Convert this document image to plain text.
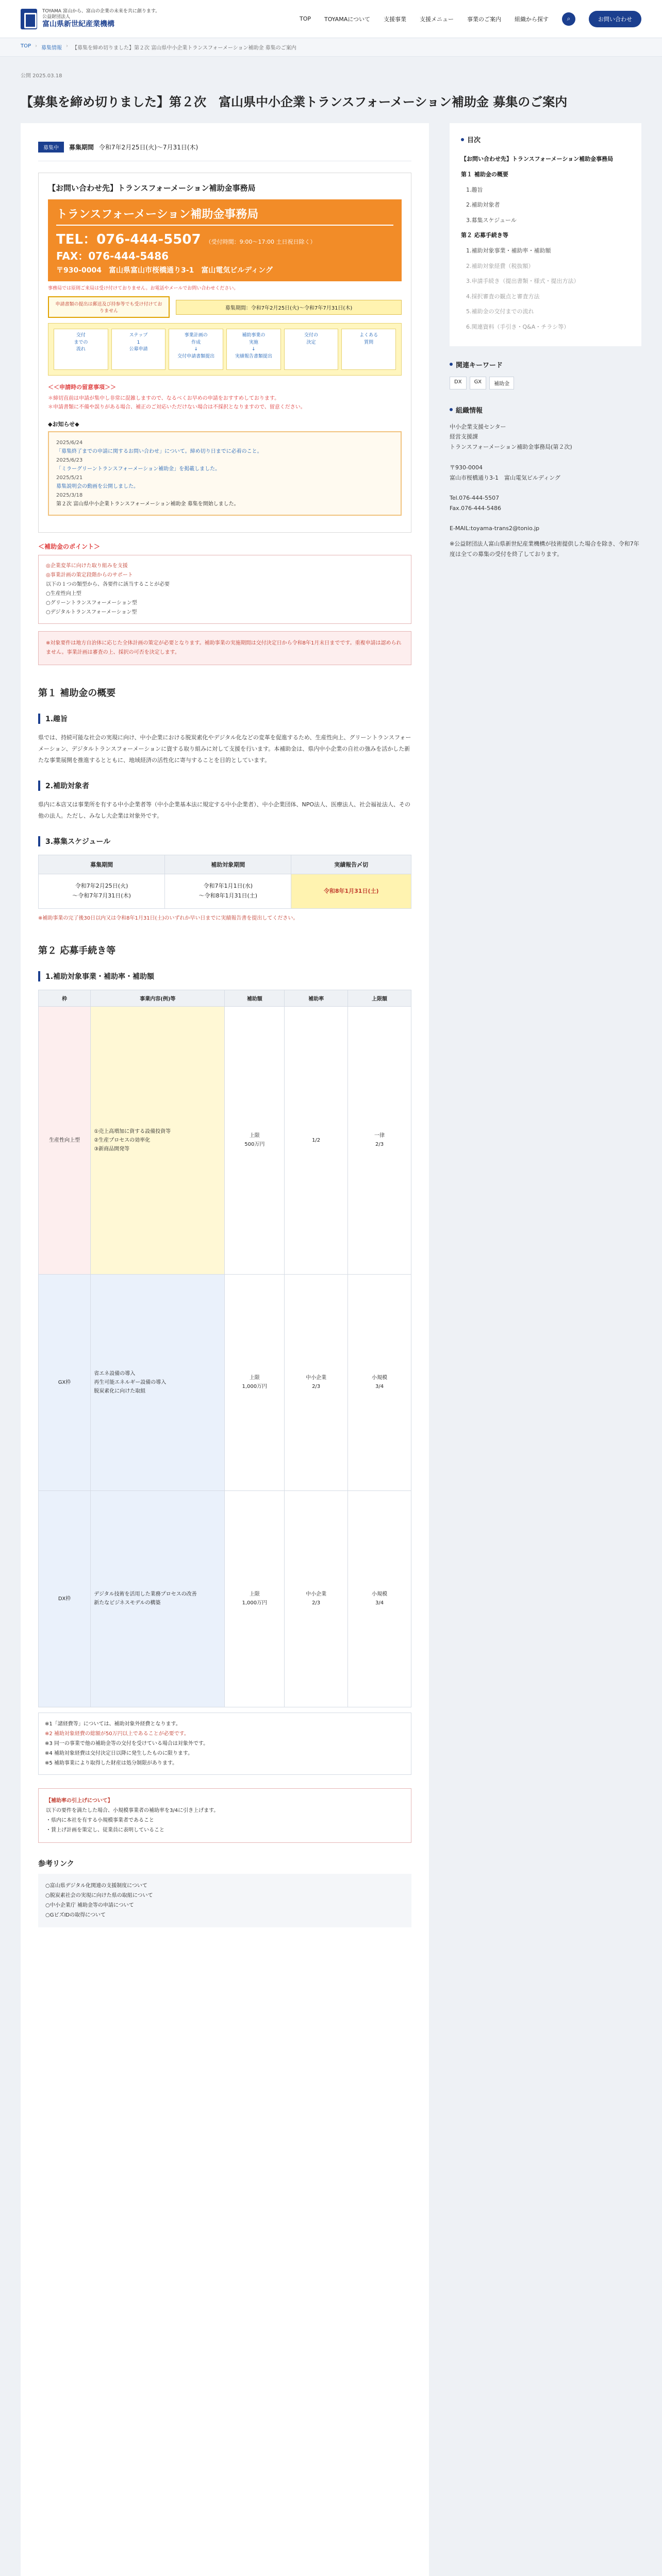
TOYAMA 富山から、富山の企業の未来を共に創ります。
公益財団法人
富山県新世紀産業機構
TOP TOYAMAについて 支援事業 支援メニュー 事業のご案内 組織から探す	⌕	お問い合わせ
TOP › 募集情報 › 【募集を締め切りました】第２次 富山県中小企業トランスフォーメーション補助金 募集のご案内
公開 2025.03.18
【募集を締め切りました】第２次　富山県中小企業トランスフォーメーション補助金 募集のご案内
募集中	募集期間 令和7年2月25日(火)～7月31日(木)
【お問い合わせ先】トランスフォーメーション補助金事務局
トランスフォーメーション補助金事務局
TEL：076-444-5507 （受付時間：9:00～17:00 土日祝日除く）
FAX：076-444-5486
〒930-0004　富山県富山市桜橋通り3-1　富山電気ビルディング
事務局では原則ご来局は受け付けておりません。お電話やメールでお問い合わせください。
申請書類の提出は郵送及び持参等でも受け付けておりません
募集期間：令和7年2月25日(火)～令和7年7月31日(木)
交付
までの
流れ
ステップ
1
公募申請
事業計画の
作成
↓
交付申請書類提出
補助事業の
実施
↓
実績報告書類提出
交付の
決定
よくある
質問
＜＜申請時の留意事項＞＞
＊締切直前は申請が集中し非常に混雑しますので、なるべくお早めの申請をおすすめしております。
＊申請書類に不備や誤りがある場合、補正のご対応いただけない場合は不採択となりますので、留意ください。
◆お知らせ◆
2025/6/24
「募集終了までの申請に関するお問い合わせ」について。締め切り日までに必着のこと。
2025/6/23
「ミラーグリーントランスフォーメーション補助金」を掲載しました。
2025/5/21
募集説明会の動画を公開しました。
2025/3/18
第２次 富山県中小企業トランスフォーメーション補助金 募集を開始しました。
＜補助金のポイント＞
◎企業変革に向けた取り組みを支援
◎事業計画の策定段階からのサポート
以下の１つの類型から、各要件に該当することが必要
○生産性向上型
○グリーントランスフォーメーション型
○デジタルトランスフォーメーション型
※対象要件は地方自治体に応じた全体計画の策定が必要となります。補助事業の実施期間は交付決定日から令和8年1月末日までです。重複申請は認められません。事業計画は審査の上、採択の可否を決定します。
第１ 補助金の概要
1.趣旨

県では、持続可能な社会の実現に向け、中小企業における脱炭素化やデジタル化などの変革を促進するため、生産性向上、グリーントランスフォーメーション、デジタルトランスフォーメーションに資する取り組みに対して支援を行います。本補助金は、県内中小企業の自社の強みを活かした新たな事業展開を推進するとともに、地域経済の活性化に寄与することを目的としています。

2.補助対象者

県内に本店又は事業所を有する中小企業者等（中小企業基本法に規定する中小企業者）、中小企業団体、NPO法人、医療法人、社会福祉法人、その他の法人。ただし、みなし大企業は対象外です。

3.募集スケジュール
募集期間	補助対象期間	実績報告〆切
令和7年2月25日(火)
～令和7年7月31日(木)	令和7年1月1日(水)
～令和8年1月31日(土)	令和8年1月31日(土)
※補助事業の完了後30日以内又は令和8年1月31日(土)のいずれか早い日までに実績報告書を提出してください。
第２ 応募手続き等
1.補助対象事業・補助率・補助額
枠	事業内容(例)等	補助額	補助率	上限額
生産性向上型	①売上高増加に資する設備投資等
②生産プロセスの効率化
③新商品開発等	上限
500万円	1/2	一律
2/3
GX枠	省エネ設備の導入
再生可能エネルギー設備の導入
脱炭素化に向けた取組	上限
1,000万円	中小企業
2/3	小規模
3/4
DX枠	デジタル技術を活用した業務プロセスの改善
新たなビジネスモデルの構築	上限
1,000万円	中小企業
2/3	小規模
3/4
※1「諸経費等」については、補助対象外経費となります。
※2 補助対象経費の総額が50万円以上であることが必要です。
※3 同一の事業で他の補助金等の交付を受けている場合は対象外です。
※4 補助対象経費は交付決定日以降に発生したものに限ります。
※5 補助事業により取得した財産は処分制限があります。
【補助率の引上げについて】
以下の要件を満たした場合、小規模事業者の補助率を3/4に引き上げます。
・県内に本社を有する小規模事業者であること
・賃上げ計画を策定し、従業員に表明していること
参考リンク
○富山県デジタル化関連の支援制度について
○脱炭素社会の実現に向けた県の取組について
○中小企業庁 補助金等の申請について
○GビズIDの取得について
目次
【お問い合わせ先】トランスフォーメーション補助金事務局
第１ 補助金の概要
1.趣旨
2.補助対象者
3.募集スケジュール
第２ 応募手続き等
1.補助対象事業・補助率・補助額
2.補助対象経費（税抜額）
3.申請手続き（提出書類・様式・提出方法）
4.採択審査の観点と審査方法
5.補助金の交付までの流れ
6.関連資料（手引き・Q&A・チラシ等）
関連キーワード
DX	GX	補助金
組織情報
中小企業支援センター
経営支援課
トランスフォーメーション補助金事務局(第２次)

〒930-0004
富山市桜橋通り3-1　富山電気ビルディング

Tel.076-444-5507
Fax.076-444-5486

E-MAIL:toyama-trans2@tonio.jp
※公益財団法人富山県新世紀産業機構が技術提供した場合を除き、令和7年度は全ての募集の受付を終了しております。
